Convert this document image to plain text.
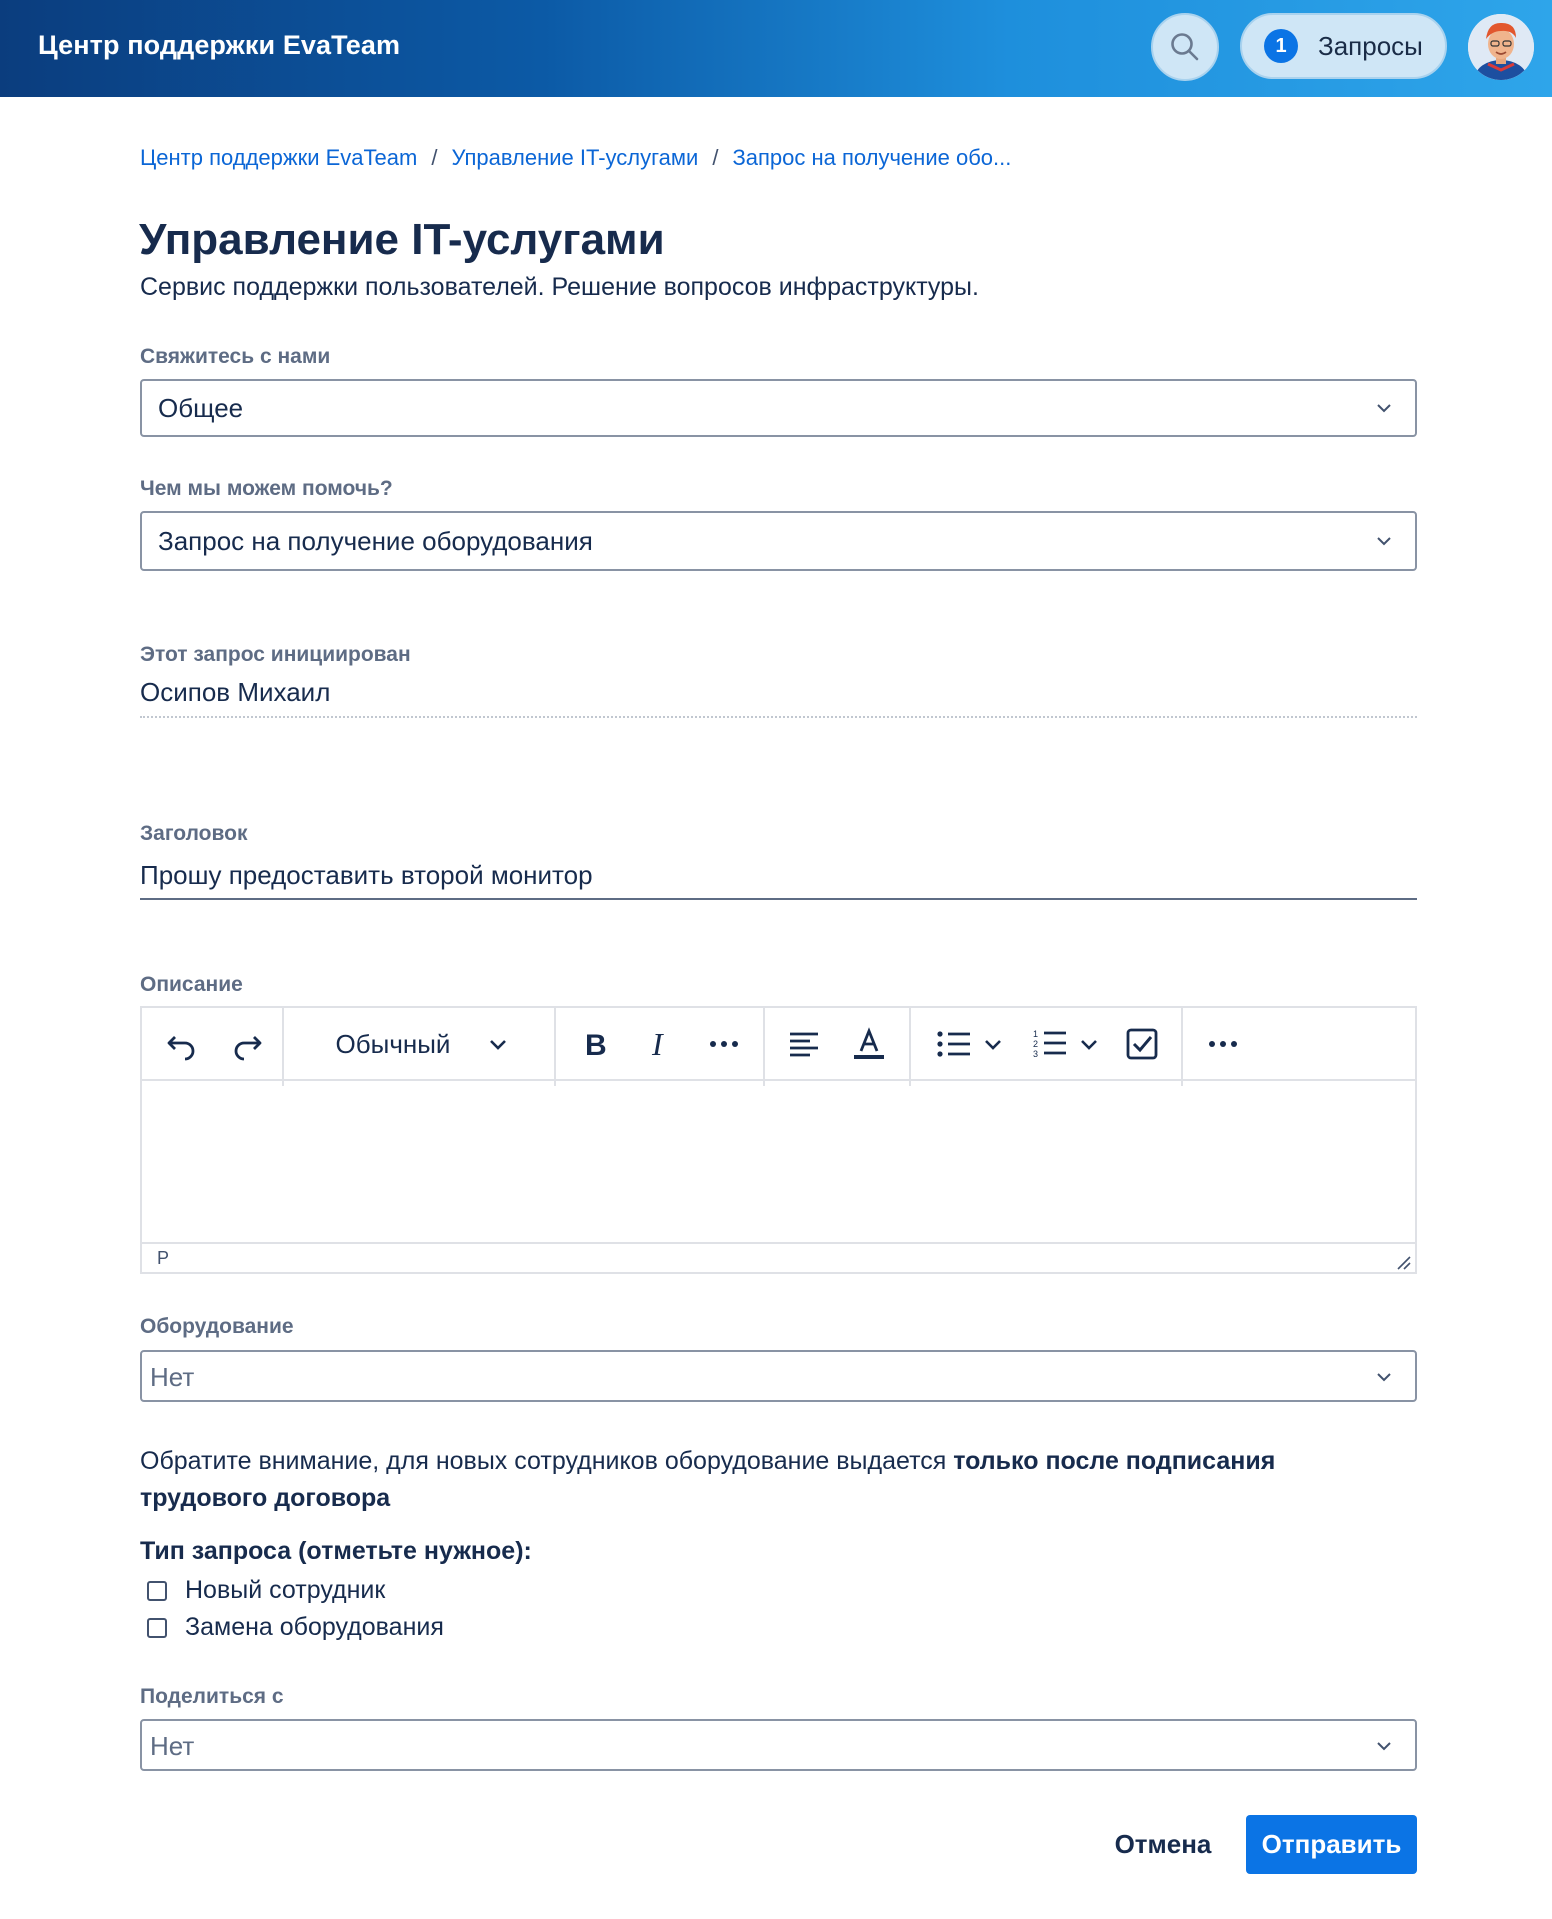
Центр поддержки EvaTeam	1	Запросы
Центр поддержки EvaTeam / Управление IT-услугами / Запрос на получение обо...
Управление IT-услугами
Сервис поддержки пользователей. Решение вопросов инфраструктуры.
Свяжитесь с нами
Общее
Чем мы можем помочь?
Запрос на получение оборудования
Этот запрос инициирован
Осипов Михаил
Заголовок
Прошу предоставить второй монитор
Описание
Обычный	B I	1
2
3
P
Оборудование
Нет
Обратите внимание, для новых сотрудников оборудование выдается только после подписания трудового договора
Тип запроса (отметьте нужное):
Новый сотрудник
Замена оборудования
Поделиться с
Нет
Отмена	Отправить
